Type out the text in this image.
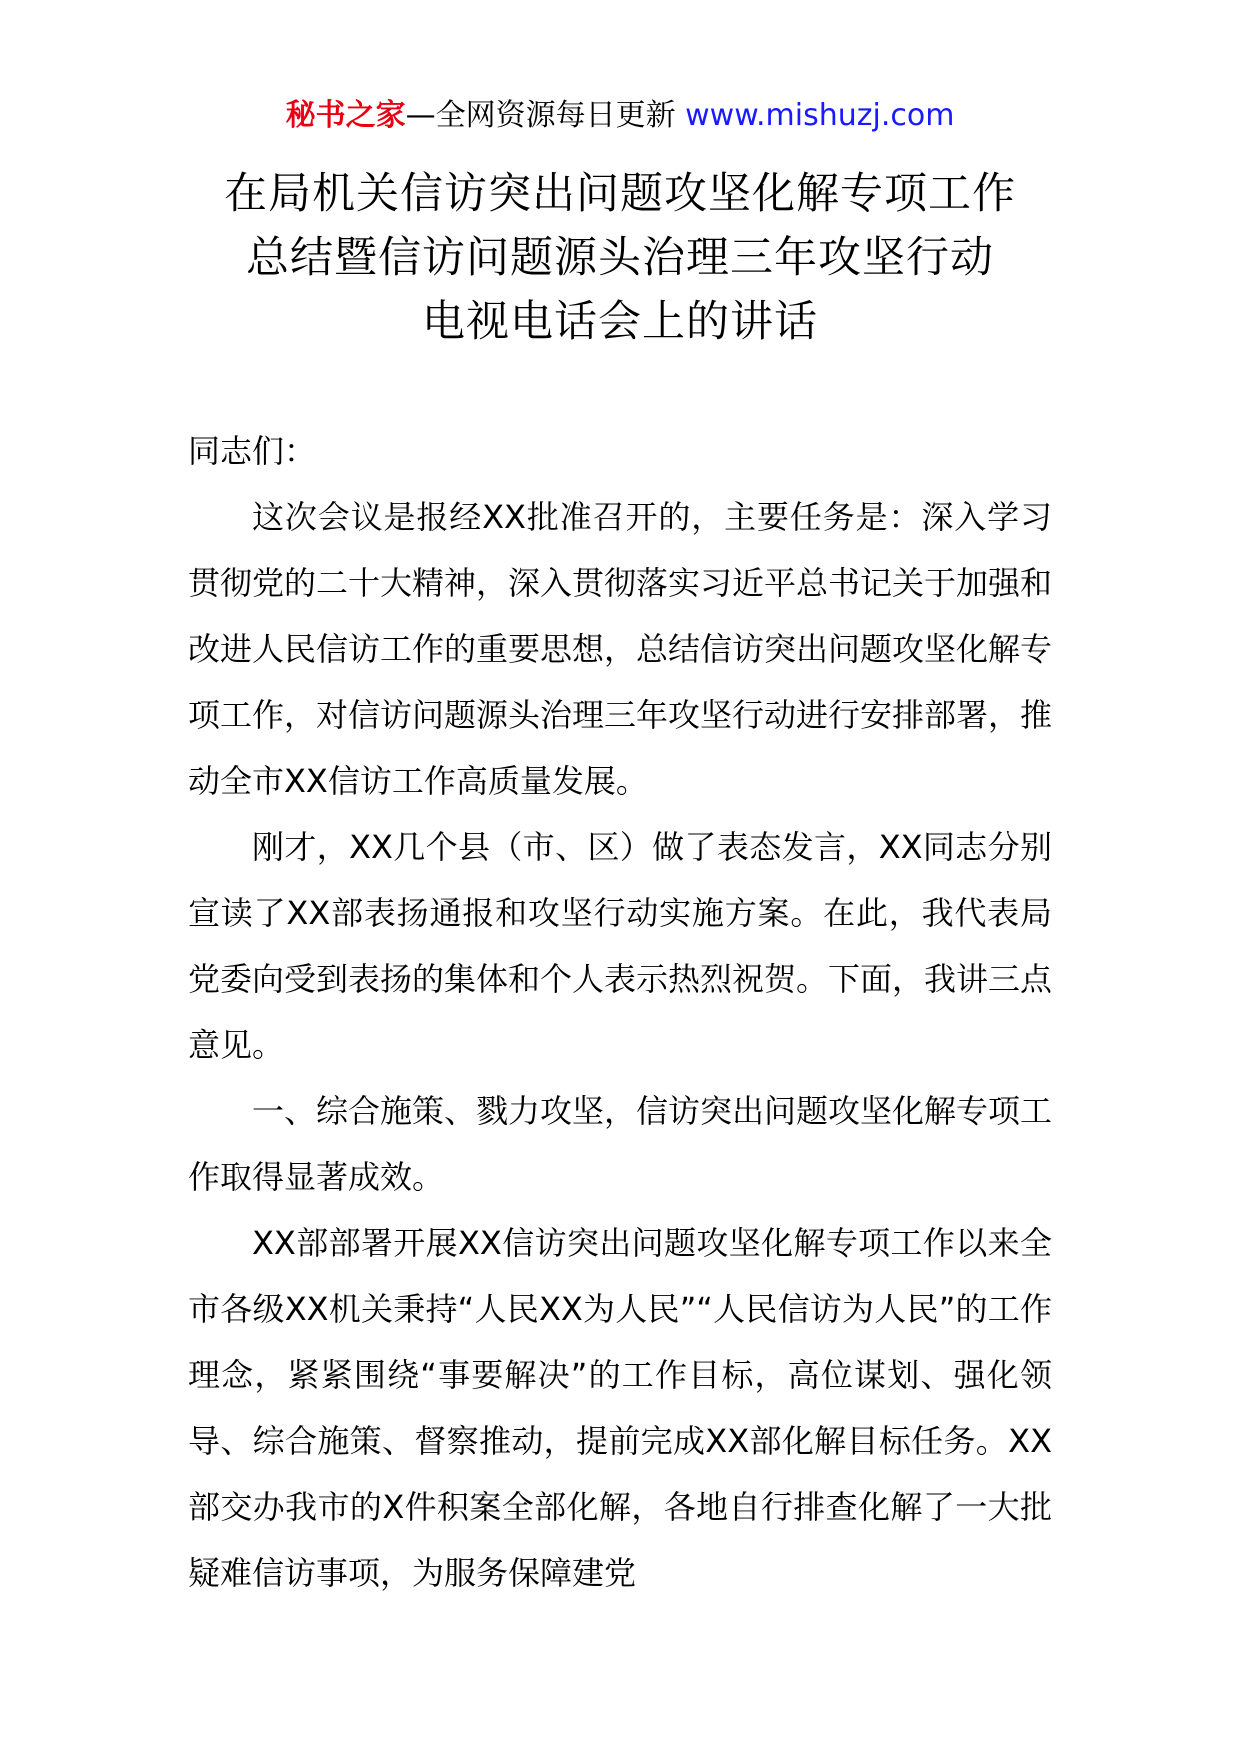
秘书之家—全网资源每日更新 www.mishuzj.com
在局机关信访突出问题攻坚化解专项工作
总结暨信访问题源头治理三年攻坚行动
电视电话会上的讲话

同志们：

这次会议是报经XX批准召开的，主要任务是：深入学习贯彻党的二十大精神，深入贯彻落实习近平总书记关于加强和改进人民信访工作的重要思想，总结信访突出问题攻坚化解专项工作，对信访问题源头治理三年攻坚行动进行安排部署，推动全市XX信访工作高质量发展。

刚才，XX几个县（市、区）做了表态发言，XX同志分别宣读了XX部表扬通报和攻坚行动实施方案。在此，我代表局党委向受到表扬的集体和个人表示热烈祝贺。下面，我讲三点意见。

一、综合施策、戮力攻坚，信访突出问题攻坚化解专项工作取得显著成效。

XX部部署开展XX信访突出问题攻坚化解专项工作以来全市各级XX机关秉持“人民XX为人民”“人民信访为人民”的工作理念，紧紧围绕“事要解决”的工作目标，高位谋划、强化领导、综合施策、督察推动，提前完成XX部化解目标任务。XX部交办我市的X件积案全部化解，各地自行排查化解了一大批疑难信访事项，为服务保障建党
